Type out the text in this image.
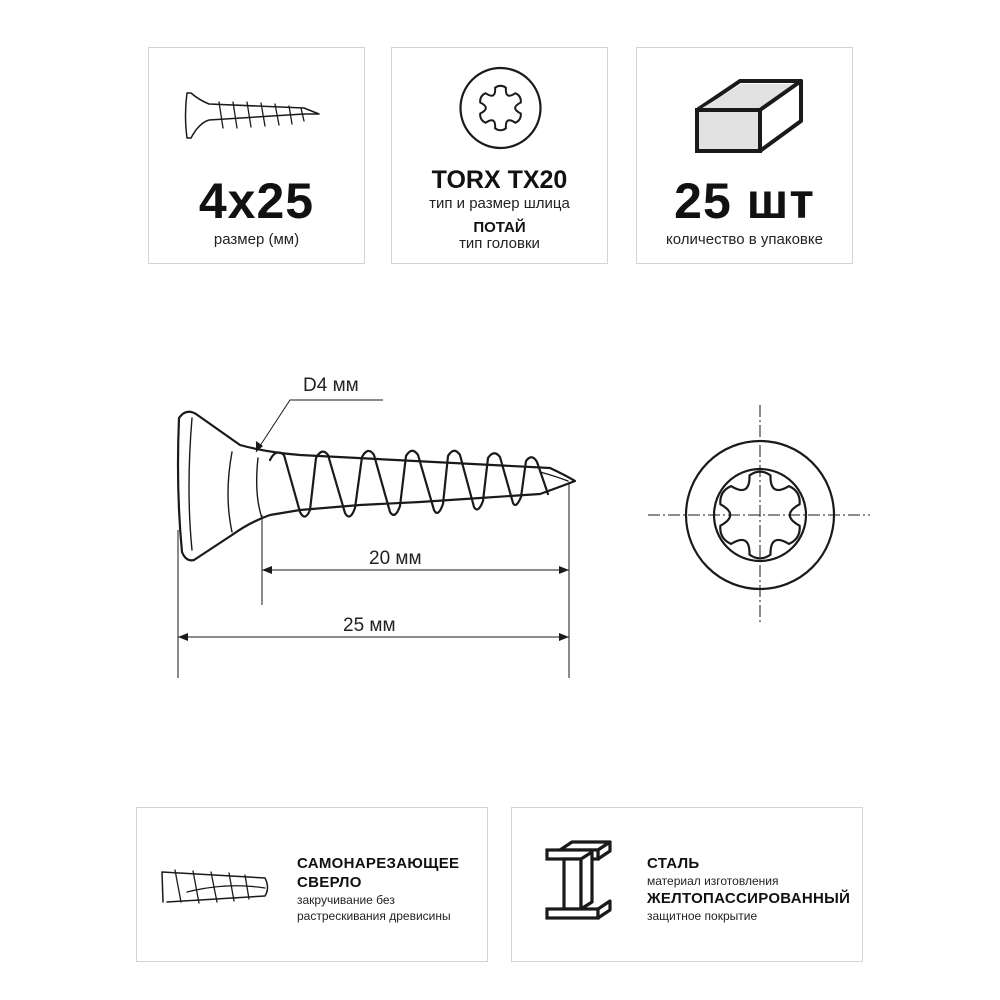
4x25
размер (мм)
TORX TX20
тип и размер шлица
ПОТАЙ
тип головки
25 шт
количество в упаковке
D4 мм
20 мм
25 мм
САМОНАРЕЗАЮЩЕЕ
СВЕРЛО
закручивание без
растрескивания древисины
СТАЛЬ
материал изготовления
ЖЕЛТОПАССИРОВАННЫЙ
защитное покрытие
